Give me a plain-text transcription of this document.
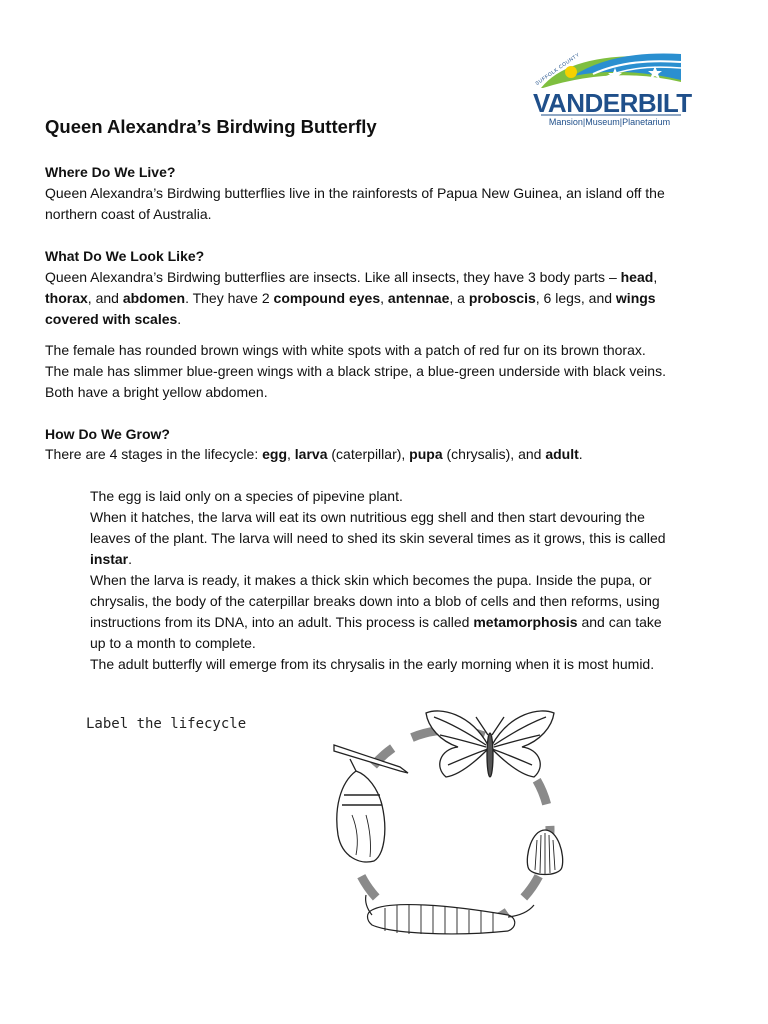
SUFFOLK COUNTY
VANDERBILT
Mansion|Museum|Planetarium
Queen Alexandra’s Birdwing Butterfly
Where Do We Live?
Queen Alexandra’s Birdwing butterflies live in the rainforests of Papua New Guinea, an island off the
northern coast of Australia.
What Do We Look Like?
Queen Alexandra’s Birdwing butterflies are insects. Like all insects, they have 3 body parts – head,
thorax, and abdomen. They have 2 compound eyes, antennae, a proboscis, 6 legs, and wings
covered with scales.
The female has rounded brown wings with white spots with a patch of red fur on its brown thorax.
The male has slimmer blue-green wings with a black stripe, a blue-green underside with black veins.
Both have a bright yellow abdomen.
How Do We Grow?
There are 4 stages in the lifecycle: egg, larva (caterpillar), pupa (chrysalis), and adult.
The egg is laid only on a species of pipevine plant.
When it hatches, the larva will eat its own nutritious egg shell and then start devouring the
leaves of the plant. The larva will need to shed its skin several times as it grows, this is called
instar.
When the larva is ready, it makes a thick skin which becomes the pupa. Inside the pupa, or
chrysalis, the body of the caterpillar breaks down into a blob of cells and then reforms, using
instructions from its DNA, into an adult. This process is called metamorphosis and can take
up to a month to complete.
The adult butterfly will emerge from its chrysalis in the early morning when it is most humid.
Label the lifecycle
